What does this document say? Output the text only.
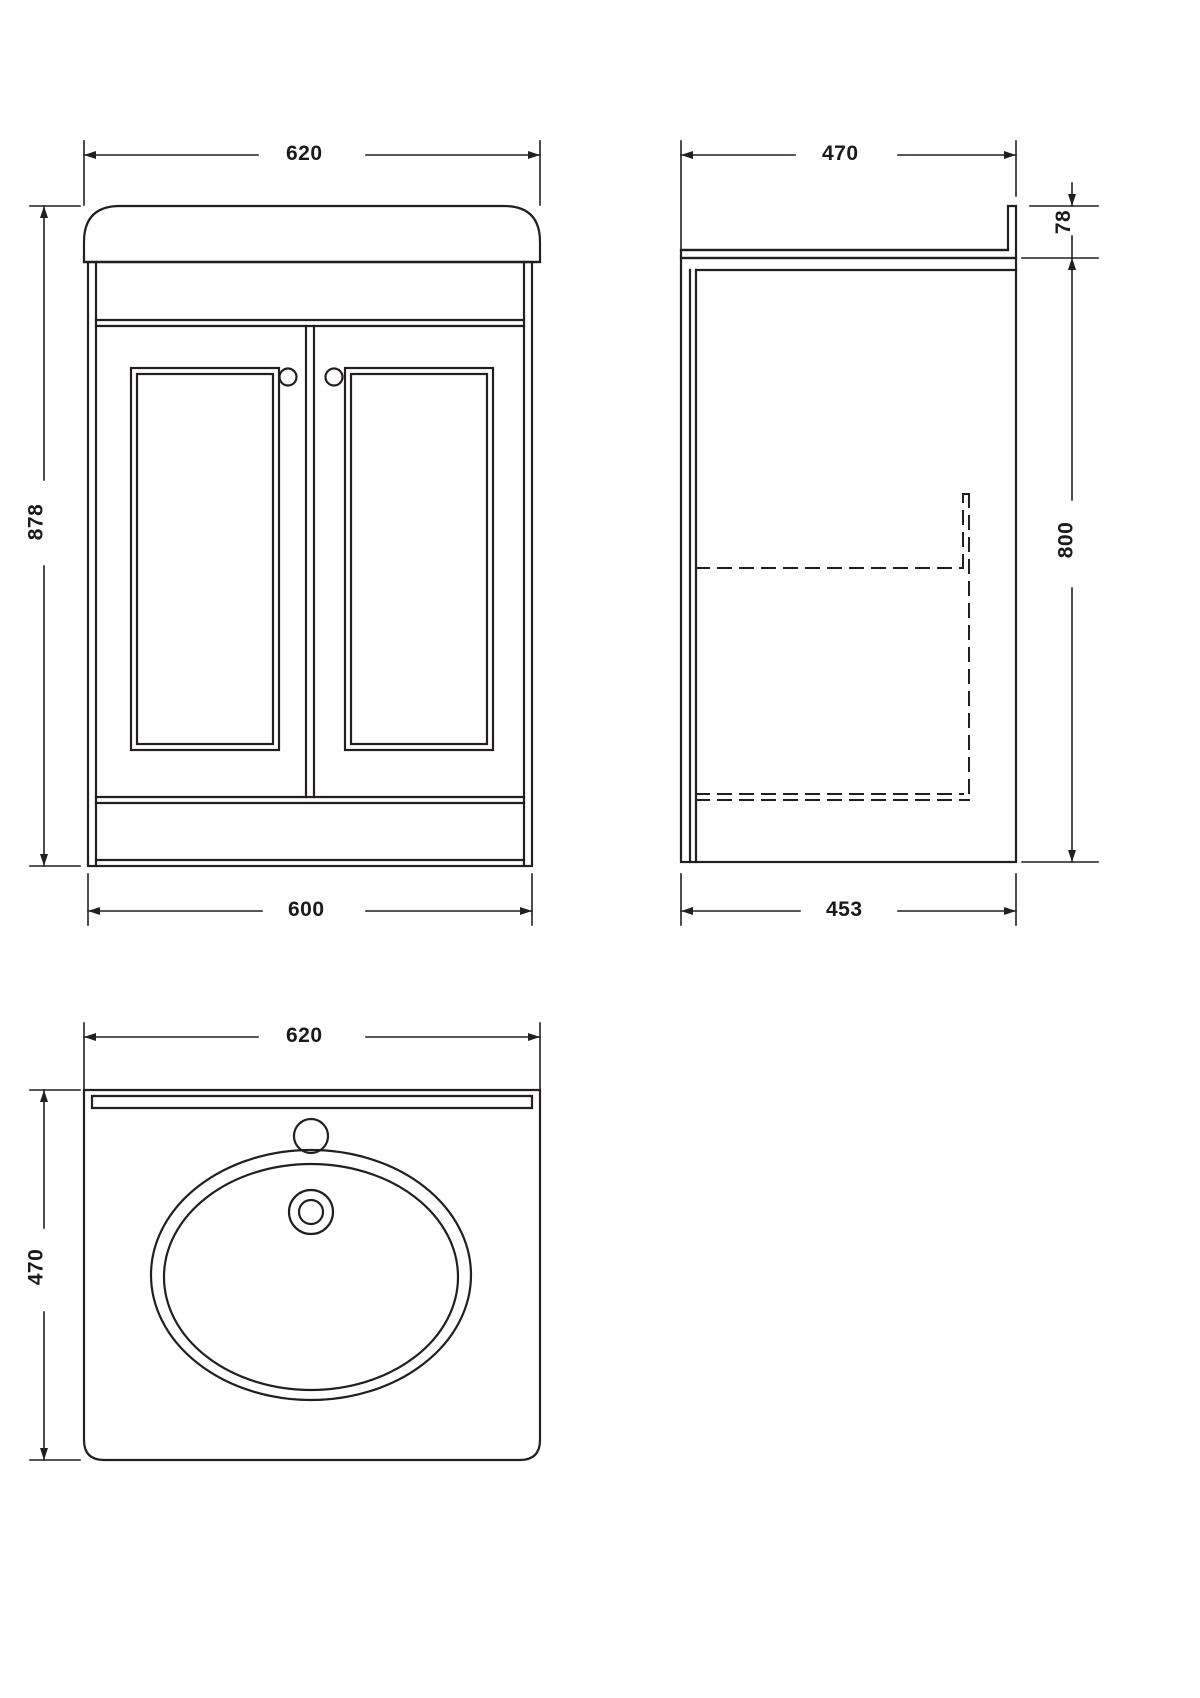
620
600
878
470
453
78
800
620
470
